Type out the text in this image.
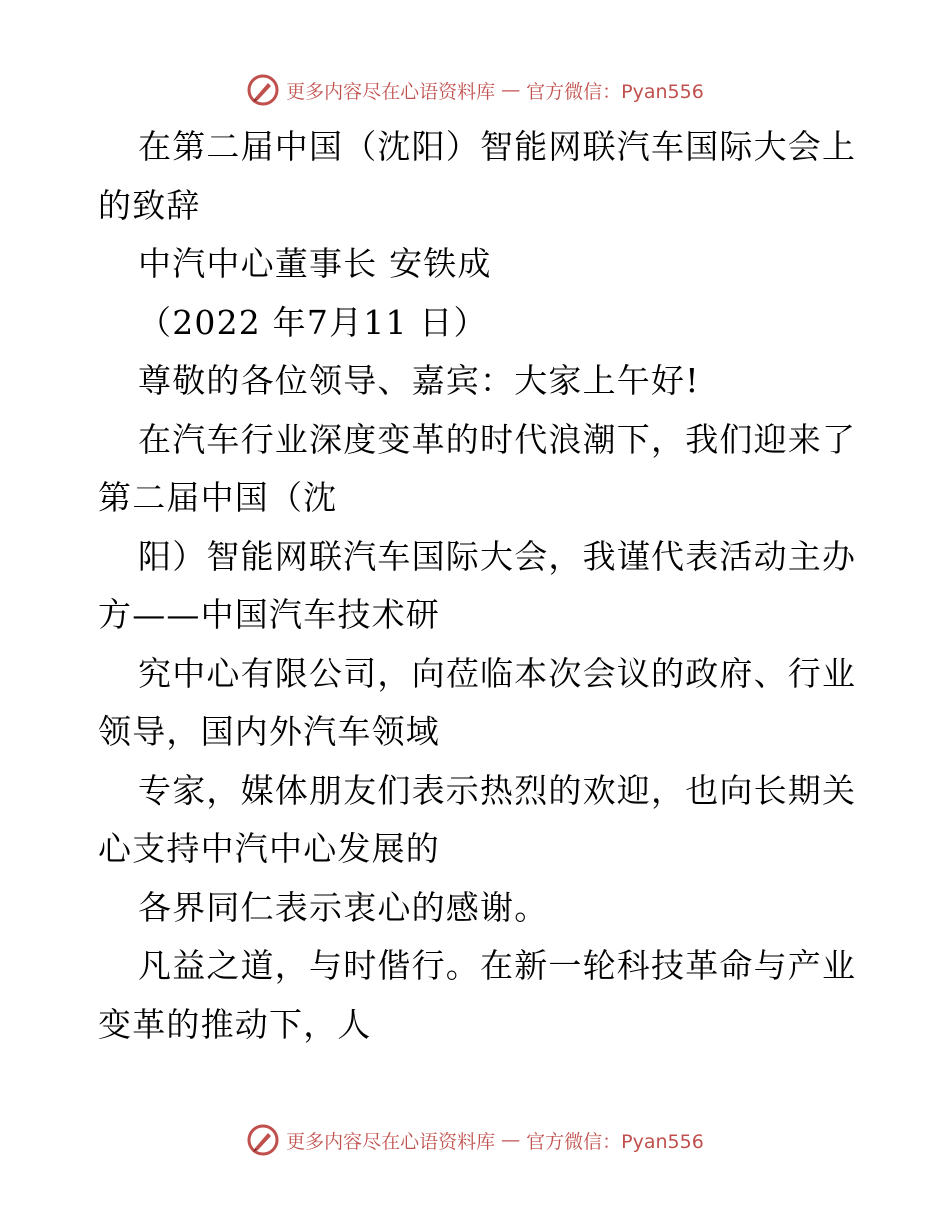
更多内容尽在心语资料库 — 官方微信：Pyan556
在第二届中国（沈阳）智能网联汽车国际大会上
的致辞
中汽中心董事长 安铁成
（2022 年7月11 日）
尊敬的各位领导、嘉宾：大家上午好!
在汽车行业深度变革的时代浪潮下，我们迎来了
第二届中国（沈
阳）智能网联汽车国际大会，我谨代表活动主办
方——中国汽车技术研
究中心有限公司，向莅临本次会议的政府、行业
领导，国内外汽车领域
专家，媒体朋友们表示热烈的欢迎，也向长期关
心支持中汽中心发展的
各界同仁表示衷心的感谢。
凡益之道，与时偕行。在新一轮科技革命与产业
变革的推动下，人
更多内容尽在心语资料库 — 官方微信：Pyan556
